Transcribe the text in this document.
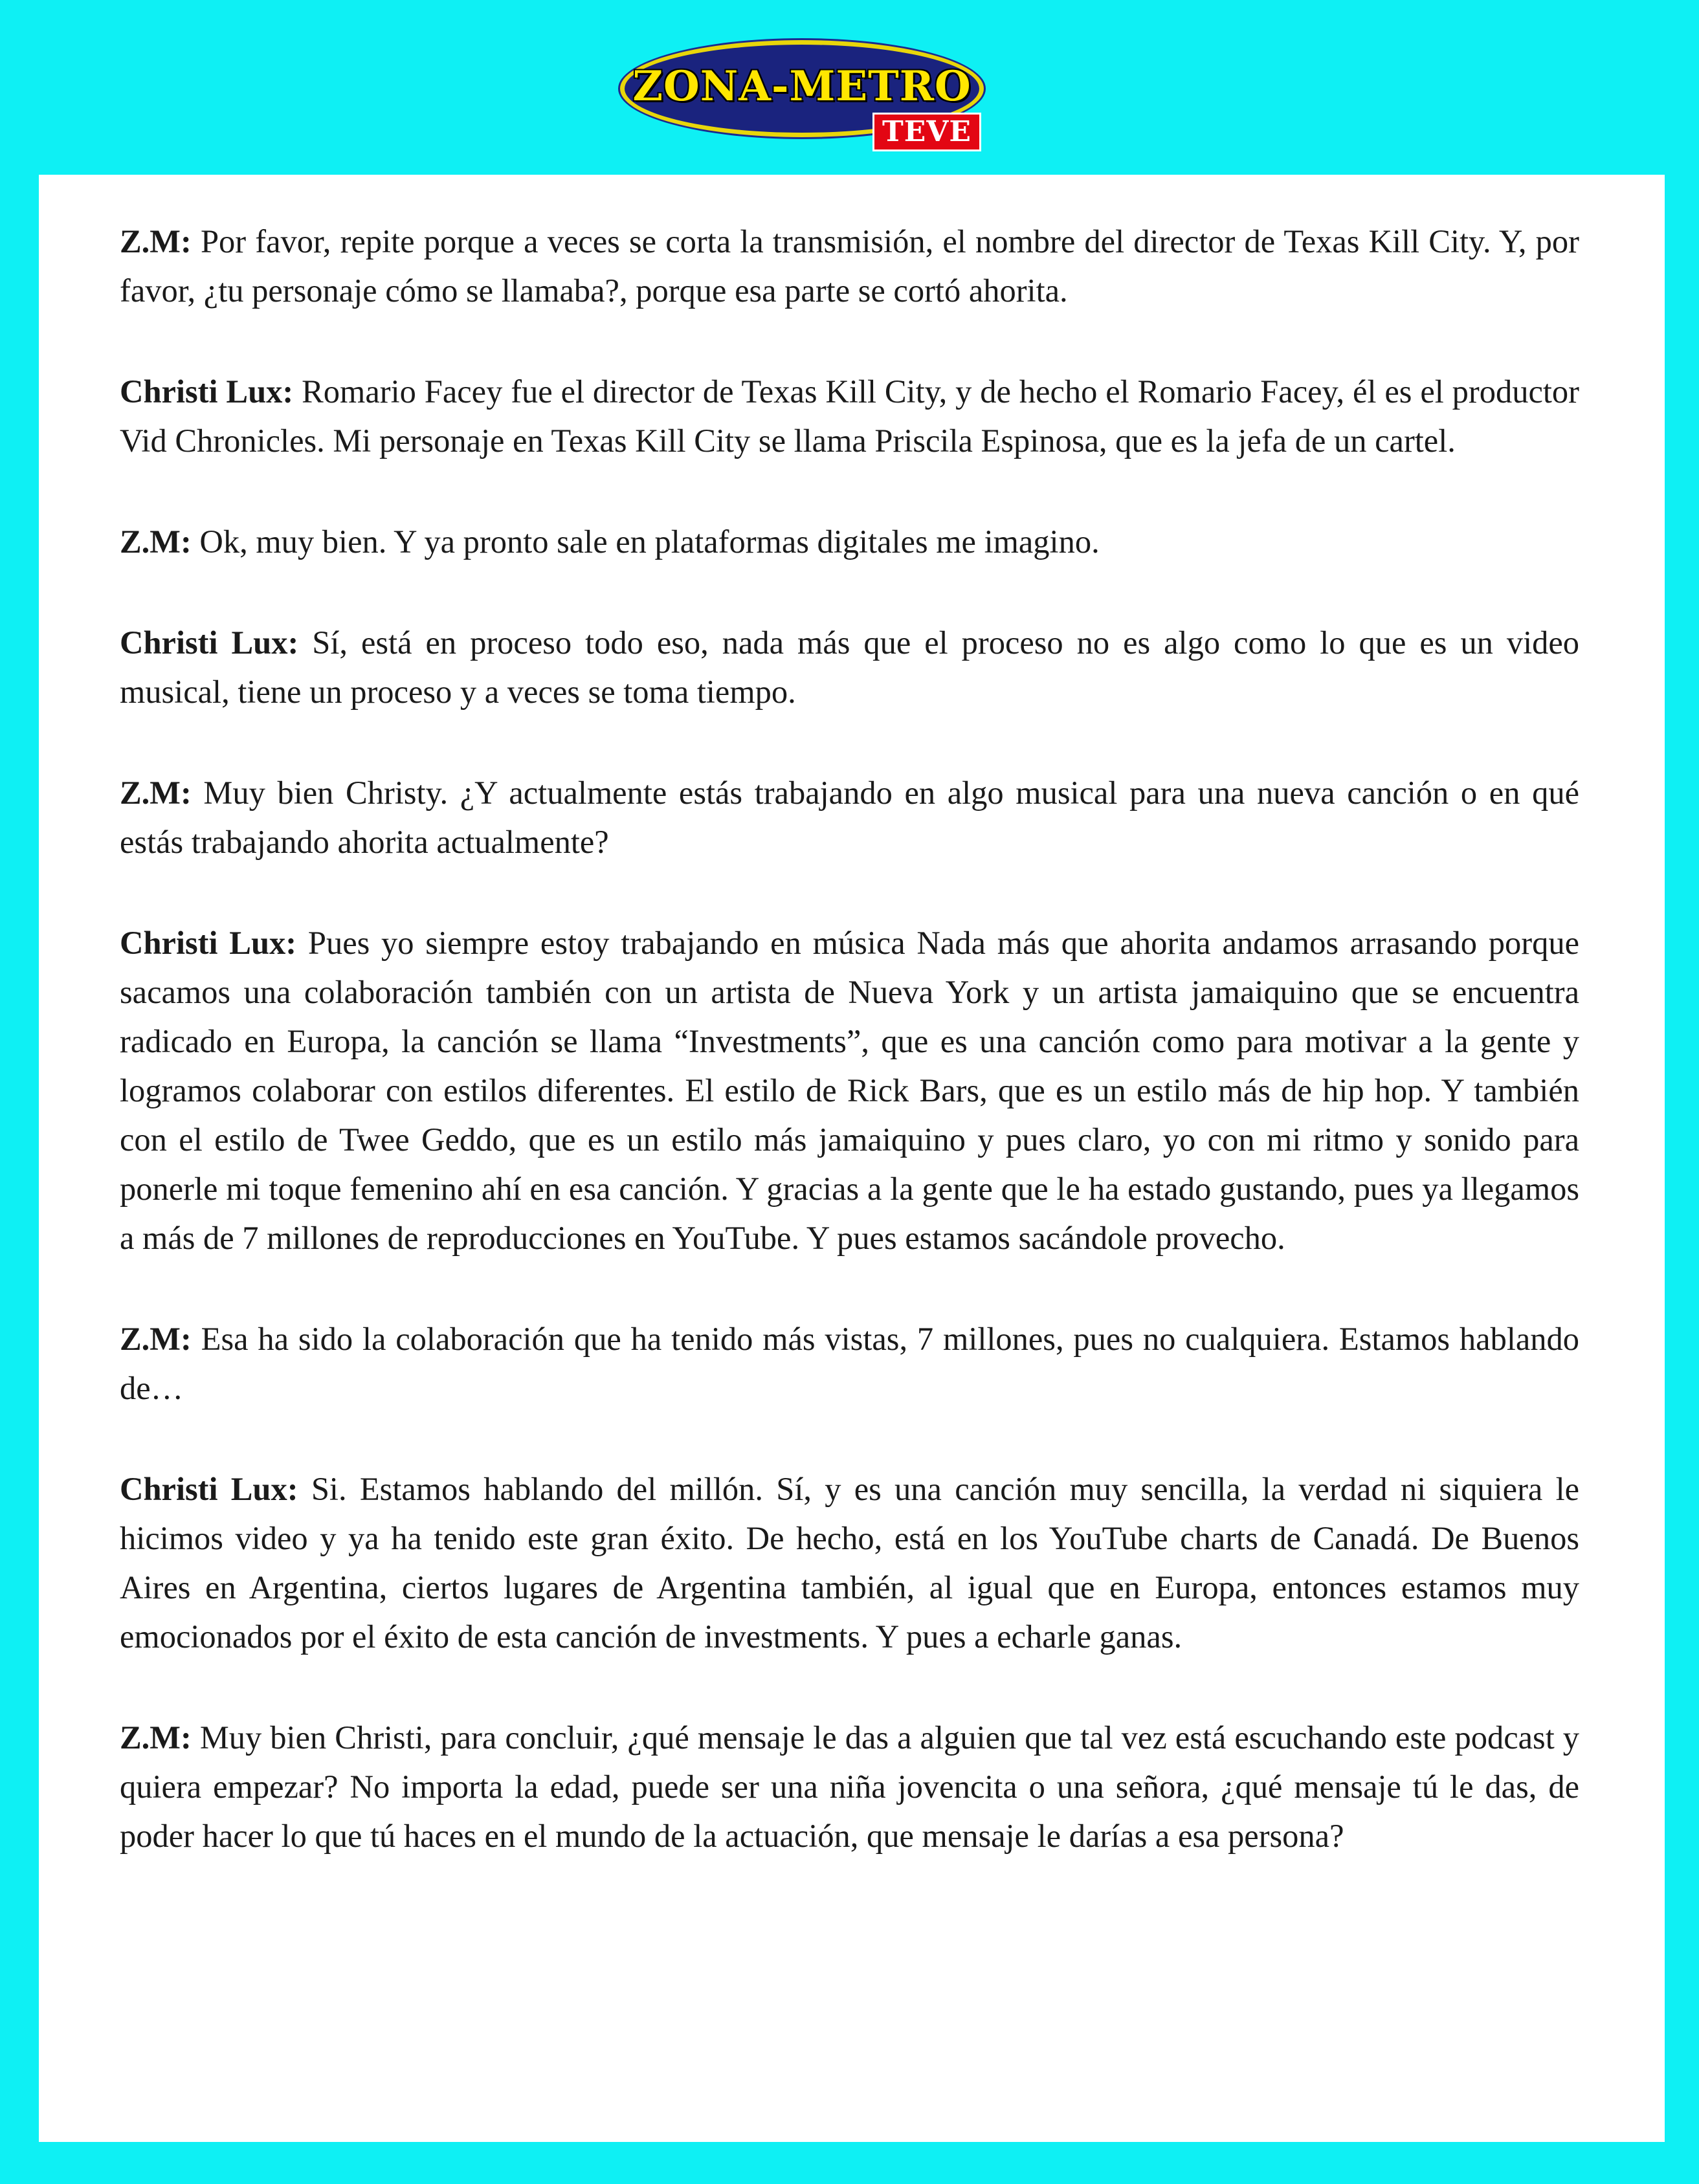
ZONA-METRO
TEVE

Z.M: Por favor, repite porque a veces se corta la transmisión, el nombre del director de Texas Kill City. Y, por favor, ¿tu personaje cómo se llamaba?, porque esa parte se cortó ahorita.

Christi Lux: Romario Facey fue el director de Texas Kill City, y de hecho el Romario Facey, él es el productor Vid Chronicles. Mi personaje en Texas Kill City se llama Priscila Espinosa, que es la jefa de un cartel.

Z.M: Ok, muy bien. Y ya pronto sale en plataformas digitales me imagino.

Christi Lux: Sí, está en proceso todo eso, nada más que el proceso no es algo como lo que es un video musical, tiene un proceso y a veces se toma tiempo.

Z.M: Muy bien Christy. ¿Y actualmente estás trabajando en algo musical para una nueva canción o en qué estás trabajando ahorita actualmente?

Christi Lux: Pues yo siempre estoy trabajando en música Nada más que ahorita andamos arrasando porque sacamos una colaboración también con un artista de Nueva York y un artista jamaiquino que se encuentra radicado en Europa, la canción se llama “Investments”, que es una canción como para motivar a la gente y logramos colaborar con estilos diferentes. El estilo de Rick Bars, que es un estilo más de hip hop. Y también con el estilo de Twee Geddo, que es un estilo más jamaiquino y pues claro, yo con mi ritmo y sonido para ponerle mi toque femenino ahí en esa canción. Y gracias a la gente que le ha estado gustando, pues ya llegamos a más de 7 millones de reproducciones en YouTube. Y pues estamos sacándole provecho.

Z.M: Esa ha sido la colaboración que ha tenido más vistas, 7 millones, pues no cualquiera. Estamos hablando de…

Christi Lux: Si. Estamos hablando del millón. Sí, y es una canción muy sencilla, la verdad ni siquiera le hicimos video y ya ha tenido este gran éxito. De hecho, está en los YouTube charts de Canadá. De Buenos Aires en Argentina, ciertos lugares de Argentina también, al igual que en Europa, entonces estamos muy emocionados por el éxito de esta canción de investments. Y pues a echarle ganas.

Z.M: Muy bien Christi, para concluir, ¿qué mensaje le das a alguien que tal vez está escuchando este podcast y quiera empezar? No importa la edad, puede ser una niña jovencita o una señora, ¿qué mensaje tú le das, de poder hacer lo que tú haces en el mundo de la actuación, que mensaje le darías a esa persona?
